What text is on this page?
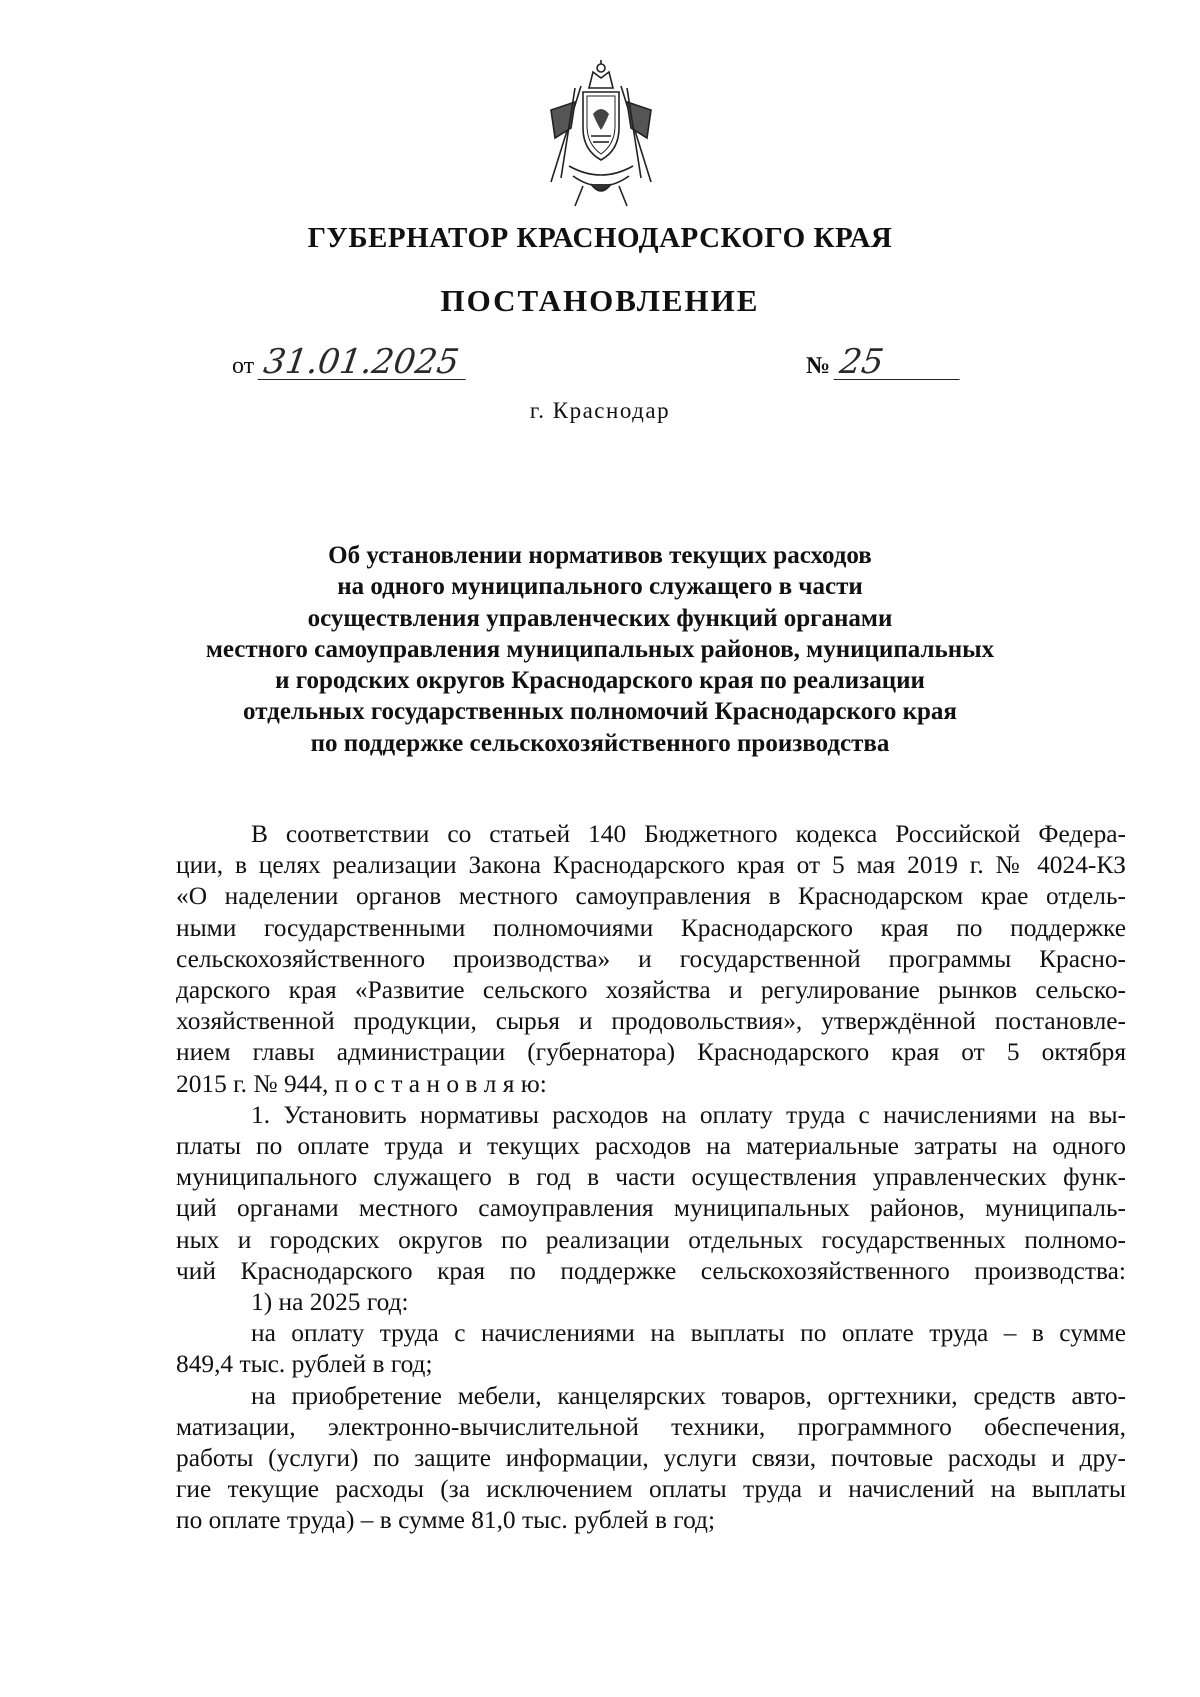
ГУБЕРНАТОР КРАСНОДАРСКОГО КРАЯ
ПОСТАНОВЛЕНИЕ
от 31.01.2025	№ 25
г. Краснодар
Об установлении нормативов текущих расходов
на одного муниципального служащего в части
осуществления управленческих функций органами
местного самоуправления муниципальных районов, муниципальных
и городских округов Краснодарского края по реализации
отдельных государственных полномочий Краснодарского края
по поддержке сельскохозяйственного производства
В соответствии со статьей 140 Бюджетного кодекса Российской Федера-
ции, в целях реализации Закона Краснодарского края от 5 мая 2019 г. № 4024-КЗ
«О наделении органов местного самоуправления в Краснодарском крае отдель-
ными государственными полномочиями Краснодарского края по поддержке
сельскохозяйственного производства» и государственной программы Красно-
дарского края «Развитие сельского хозяйства и регулирование рынков сельско-
хозяйственной продукции, сырья и продовольствия», утверждённой постановле-
нием главы администрации (губернатора) Краснодарского края от 5 октября
2015 г. № 944, п о с т а н о в л я ю:
1. Установить нормативы расходов на оплату труда с начислениями на вы-
платы по оплате труда и текущих расходов на материальные затраты на одного
муниципального служащего в год в части осуществления управленческих функ-
ций органами местного самоуправления муниципальных районов, муниципаль-
ных и городских округов по реализации отдельных государственных полномо-
чий Краснодарского края по поддержке сельскохозяйственного производства:
1) на 2025 год:
на оплату труда с начислениями на выплаты по оплате труда – в сумме
849,4 тыс. рублей в год;
на приобретение мебели, канцелярских товаров, оргтехники, средств авто-
матизации, электронно-вычислительной техники, программного обеспечения,
работы (услуги) по защите информации, услуги связи, почтовые расходы и дру-
гие текущие расходы (за исключением оплаты труда и начислений на выплаты
по оплате труда) – в сумме 81,0 тыс. рублей в год;
